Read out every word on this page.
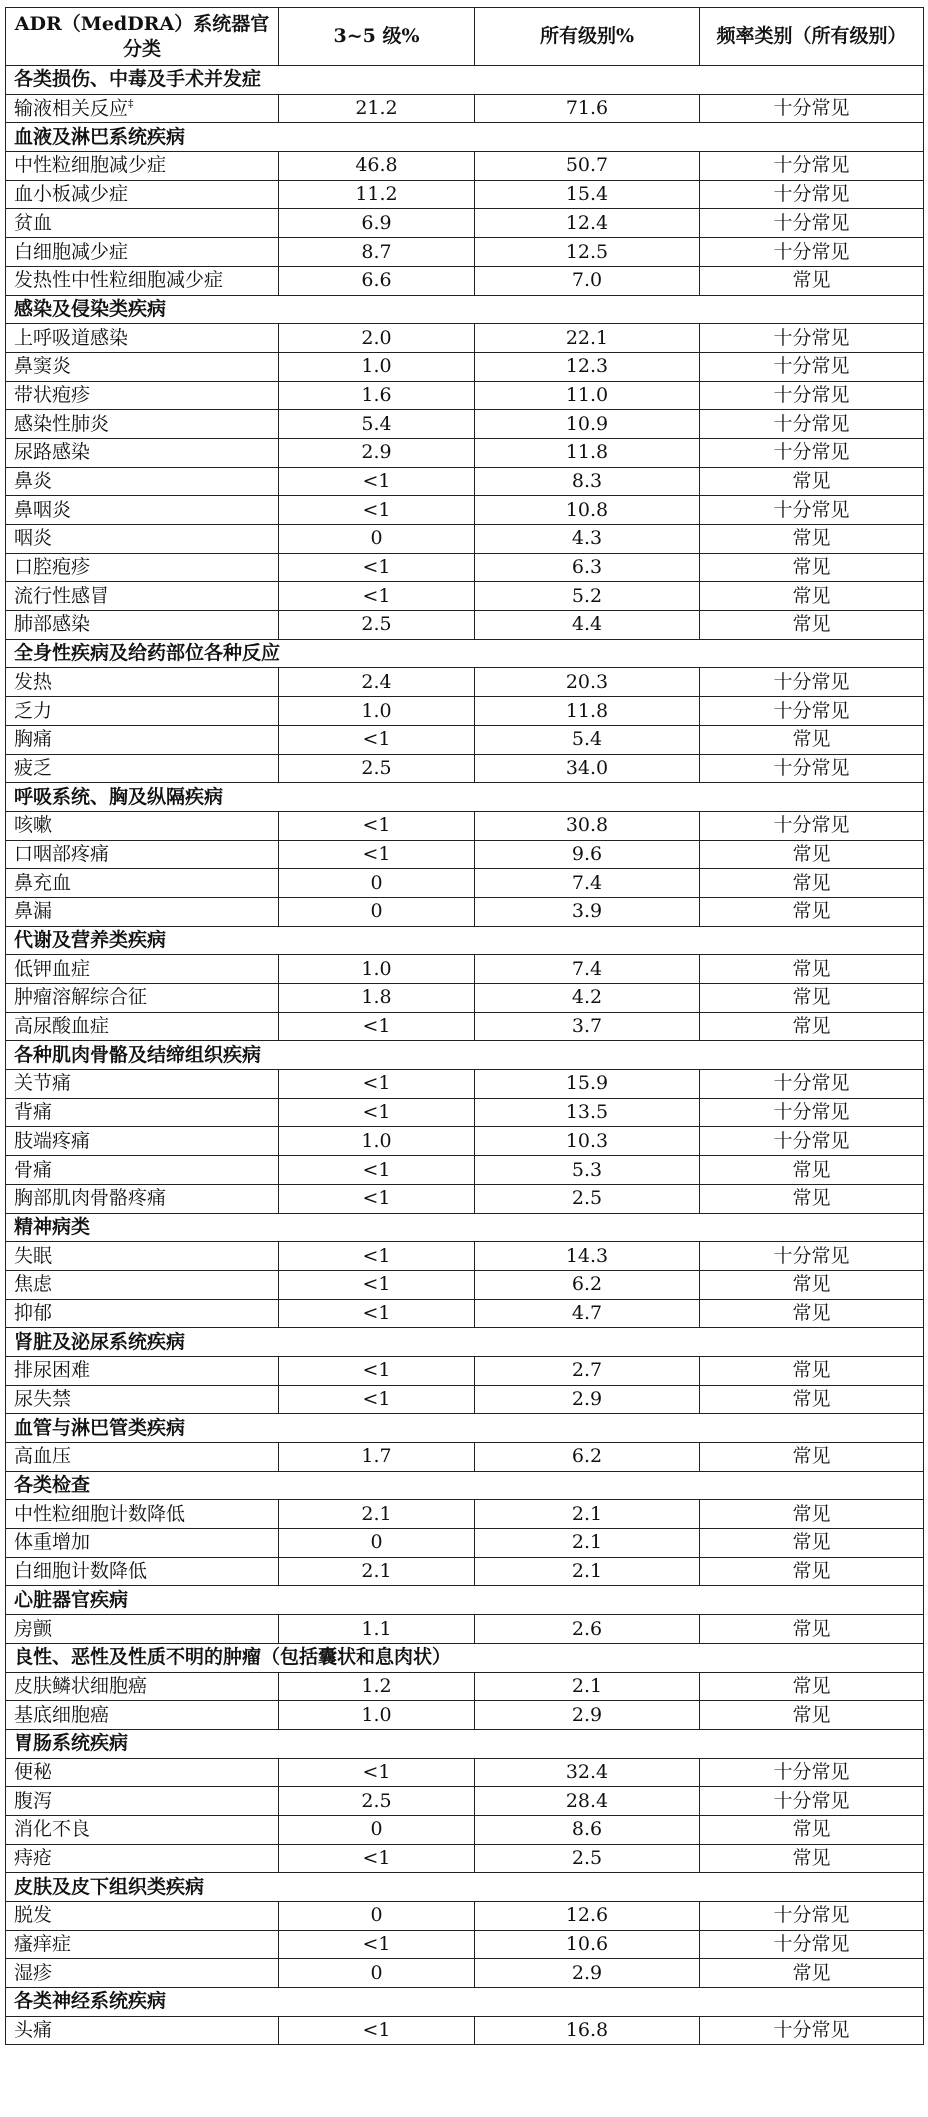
ADR（MedDRA）系统器官分类	3~5 级%	所有级别%	频率类别（所有级别）
各类损伤、中毒及手术并发症			
输液相关反应‡	21.2	71.6	十分常见
血液及淋巴系统疾病			
中性粒细胞减少症	46.8	50.7	十分常见
血小板减少症	11.2	15.4	十分常见
贫血	6.9	12.4	十分常见
白细胞减少症	8.7	12.5	十分常见
发热性中性粒细胞减少症	6.6	7.0	常见
感染及侵染类疾病			
上呼吸道感染	2.0	22.1	十分常见
鼻窦炎	1.0	12.3	十分常见
带状疱疹	1.6	11.0	十分常见
感染性肺炎	5.4	10.9	十分常见
尿路感染	2.9	11.8	十分常见
鼻炎	<1	8.3	常见
鼻咽炎	<1	10.8	十分常见
咽炎	0	4.3	常见
口腔疱疹	<1	6.3	常见
流行性感冒	<1	5.2	常见
肺部感染	2.5	4.4	常见
全身性疾病及给药部位各种反应			
发热	2.4	20.3	十分常见
乏力	1.0	11.8	十分常见
胸痛	<1	5.4	常见
疲乏	2.5	34.0	十分常见
呼吸系统、胸及纵隔疾病			
咳嗽	<1	30.8	十分常见
口咽部疼痛	<1	9.6	常见
鼻充血	0	7.4	常见
鼻漏	0	3.9	常见
代谢及营养类疾病			
低钾血症	1.0	7.4	常见
肿瘤溶解综合征	1.8	4.2	常见
高尿酸血症	<1	3.7	常见
各种肌肉骨骼及结缔组织疾病			
关节痛	<1	15.9	十分常见
背痛	<1	13.5	十分常见
肢端疼痛	1.0	10.3	十分常见
骨痛	<1	5.3	常见
胸部肌肉骨骼疼痛	<1	2.5	常见
精神病类			
失眠	<1	14.3	十分常见
焦虑	<1	6.2	常见
抑郁	<1	4.7	常见
肾脏及泌尿系统疾病			
排尿困难	<1	2.7	常见
尿失禁	<1	2.9	常见
血管与淋巴管类疾病			
高血压	1.7	6.2	常见
各类检查			
中性粒细胞计数降低	2.1	2.1	常见
体重增加	0	2.1	常见
白细胞计数降低	2.1	2.1	常见
心脏器官疾病			
房颤	1.1	2.6	常见
良性、恶性及性质不明的肿瘤（包括囊状和息肉状）			
皮肤鳞状细胞癌	1.2	2.1	常见
基底细胞癌	1.0	2.9	常见
胃肠系统疾病			
便秘	<1	32.4	十分常见
腹泻	2.5	28.4	十分常见
消化不良	0	8.6	常见
痔疮	<1	2.5	常见
皮肤及皮下组织类疾病			
脱发	0	12.6	十分常见
瘙痒症	<1	10.6	十分常见
湿疹	0	2.9	常见
各类神经系统疾病			
头痛	<1	16.8	十分常见
